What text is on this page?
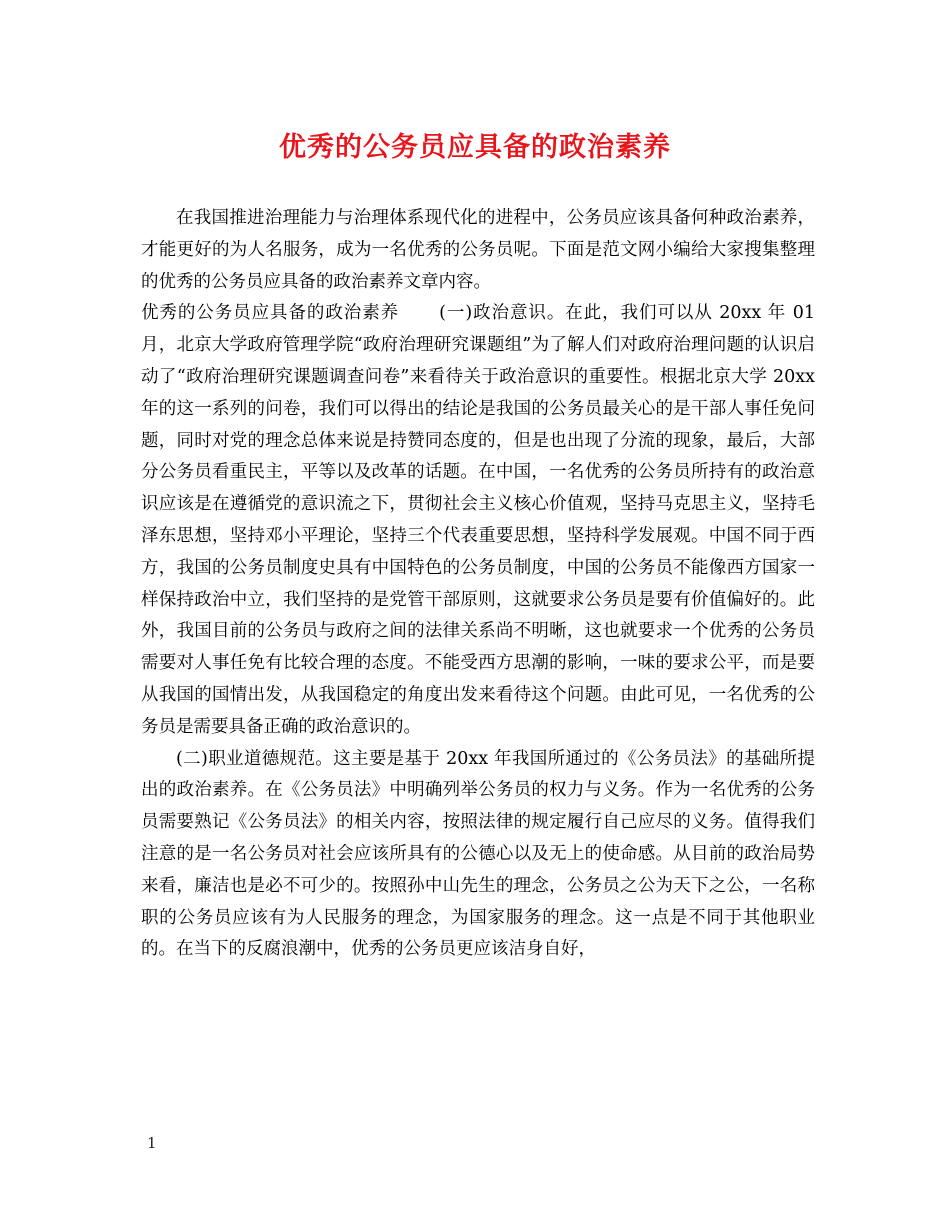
优秀的公务员应具备的政治素养

在我国推进治理能力与治理体系现代化的进程中，公务员应该具备何种政治素养，才能更好的为人名服务，成为一名优秀的公务员呢。下面是范文网小编给大家搜集整理的优秀的公务员应具备的政治素养文章内容。

优秀的公务员应具备的政治素养 (一)政治意识。在此，我们可以从 20xx 年 01 月，北京大学政府管理学院“政府治理研究课题组”为了解人们对政府治理问题的认识启动了“政府治理研究课题调查问卷”来看待关于政治意识的重要性。根据北京大学 20xx 年的这一系列的问卷，我们可以得出的结论是我国的公务员最关心的是干部人事任免问题，同时对党的理念总体来说是持赞同态度的，但是也出现了分流的现象，最后，大部分公务员看重民主，平等以及改革的话题。在中国，一名优秀的公务员所持有的政治意识应该是在遵循党的意识流之下，贯彻社会主义核心价值观，坚持马克思主义，坚持毛泽东思想，坚持邓小平理论，坚持三个代表重要思想，坚持科学发展观。中国不同于西方，我国的公务员制度史具有中国特色的公务员制度，中国的公务员不能像西方国家一样保持政治中立，我们坚持的是党管干部原则，这就要求公务员是要有价值偏好的。此外，我国目前的公务员与政府之间的法律关系尚不明晰，这也就要求一个优秀的公务员需要对人事任免有比较合理的态度。不能受西方思潮的影响，一味的要求公平，而是要从我国的国情出发，从我国稳定的角度出发来看待这个问题。由此可见，一名优秀的公务员是需要具备正确的政治意识的。

(二)职业道德规范。这主要是基于 20xx 年我国所通过的《公务员法》的基础所提出的政治素养。在《公务员法》中明确列举公务员的权力与义务。作为一名优秀的公务员需要熟记《公务员法》的相关内容，按照法律的规定履行自己应尽的义务。值得我们注意的是一名公务员对社会应该所具有的公德心以及无上的使命感。从目前的政治局势来看，廉洁也是必不可少的。按照孙中山先生的理念，公务员之公为天下之公，一名称职的公务员应该有为人民服务的理念，为国家服务的理念。这一点是不同于其他职业的。在当下的反腐浪潮中，优秀的公务员更应该洁身自好，

1
